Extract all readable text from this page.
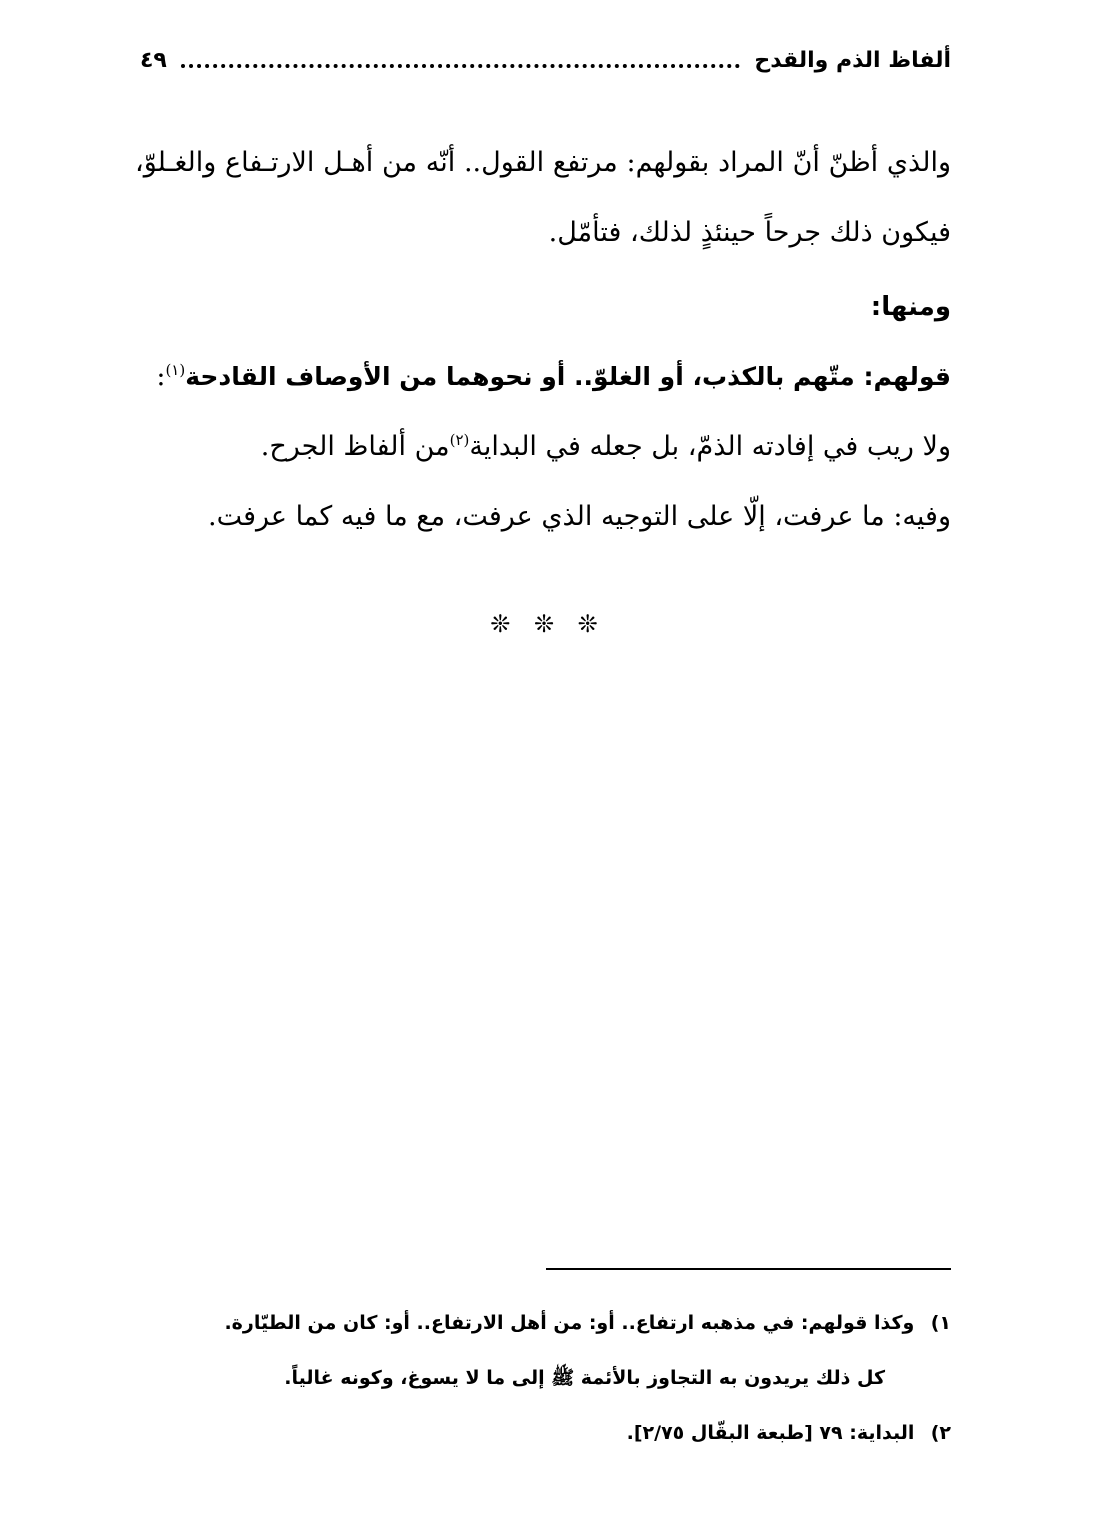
ألفاظ الذم والقدح
٤٩

والذي أظنّ أنّ المراد بقولهم: مرتفع القول.. أنّه من أهـل الارتـفاع والغـلوّ، فيكون ذلك جرحاً حينئذٍ لذلك، فتأمّل.

ومنها:

قولهم: متّهم بالكذب، أو الغلوّ.. أو نحوهما من الأوصاف القادحة$^{(١)}$:

ولا ريب في إفادته الذمّ، بل جعله في البداية$^{(٢)}$من ألفاظ الجرح.

وفيه: ما عرفت، إلّا على التوجيه الذي عرفت، مع ما فيه كما عرفت.

❊ ❊ ❊

١) وكذا قولهم: في مذهبه ارتفاع.. أو: من أهل الارتفاع.. أو: كان من الطيّارة.

كل ذلك يريدون به التجاوز بالأئمة ﷺ إلى ما لا يسوغ، وكونه غالياً.

٢) البداية: ٧٩ [طبعة البقّال ٢/٧٥].
